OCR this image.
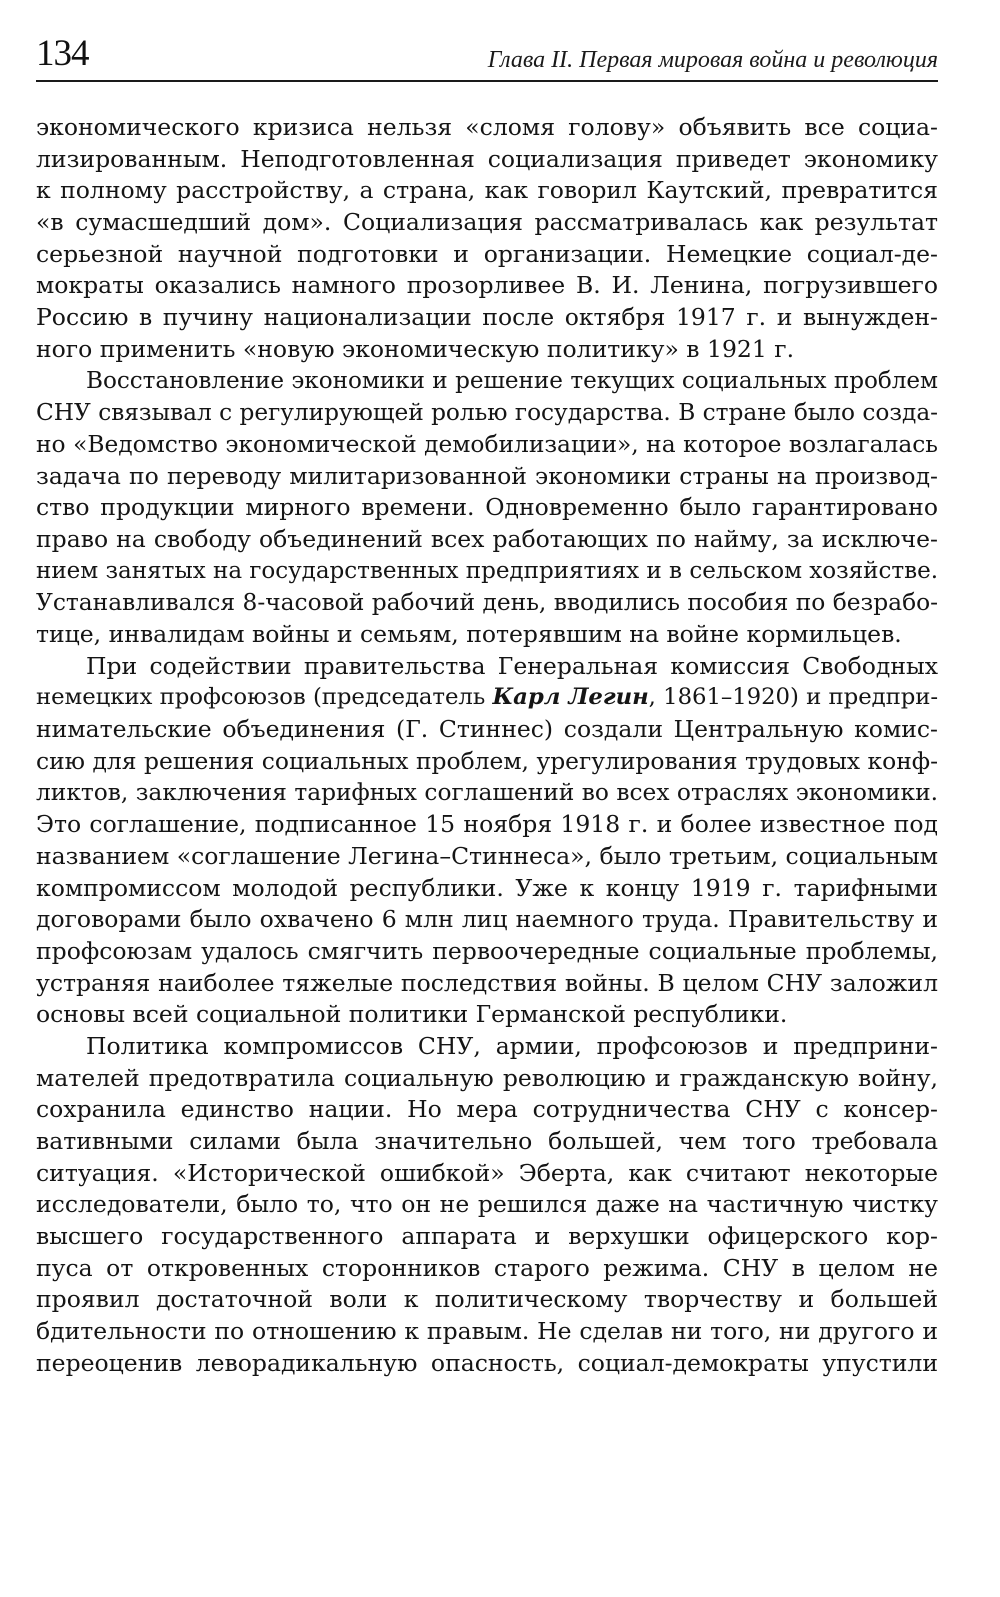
134	Глава II. Первая мировая война и революция
экономического кризиса нельзя «сломя голову» объявить все социа-
лизированным. Неподготовленная социализация приведет экономику
к полному расстройству, а страна, как говорил Каутский, превратится
«в сумасшедший дом». Социализация рассматривалась как результат
серьезной научной подготовки и организации. Немецкие социал-де-
мократы оказались намного прозорливее В. И. Ленина, погрузившего
Россию в пучину национализации после октября 1917 г. и вынужден-
ного применить «новую экономическую политику» в 1921 г.
Восстановление экономики и решение текущих социальных проблем
СНУ связывал с регулирующей ролью государства. В стране было созда-
но «Ведомство экономической демобилизации», на которое возлагалась
задача по переводу милитаризованной экономики страны на производ-
ство продукции мирного времени. Одновременно было гарантировано
право на свободу объединений всех работающих по найму, за исключе-
нием занятых на государственных предприятиях и в сельском хозяйстве.
Устанавливался 8-часовой рабочий день, вводились пособия по безрабо-
тице, инвалидам войны и семьям, потерявшим на войне кормильцев.
При содействии правительства Генеральная комиссия Свободных
немецких профсоюзов (председатель Карл Легин, 1861–1920) и предпри-
нимательские объединения (Г. Стиннес) создали Центральную комис-
сию для решения социальных проблем, урегулирования трудовых конф-
ликтов, заключения тарифных соглашений во всех отраслях экономики.
Это соглашение, подписанное 15 ноября 1918 г. и более известное под
названием «соглашение Легина–Стиннеса», было третьим, социальным
компромиссом молодой республики. Уже к концу 1919 г. тарифными
договорами было охвачено 6 млн лиц наемного труда. Правительству и
профсоюзам удалось смягчить первоочередные социальные проблемы,
устраняя наиболее тяжелые последствия войны. В целом СНУ заложил
основы всей социальной политики Германской республики.
Политика компромиссов СНУ, армии, профсоюзов и предприни-
мателей предотвратила социальную революцию и гражданскую войну,
сохранила единство нации. Но мера сотрудничества СНУ с консер-
вативными силами была значительно большей, чем того требовала
ситуация. «Исторической ошибкой» Эберта, как считают некоторые
исследователи, было то, что он не решился даже на частичную чистку
высшего государственного аппарата и верхушки офицерского кор-
пуса от откровенных сторонников старого режима. СНУ в целом не
проявил достаточной воли к политическому творчеству и большей
бдительности по отношению к правым. Не сделав ни того, ни другого и
переоценив леворадикальную опасность, социал-демократы упустили
